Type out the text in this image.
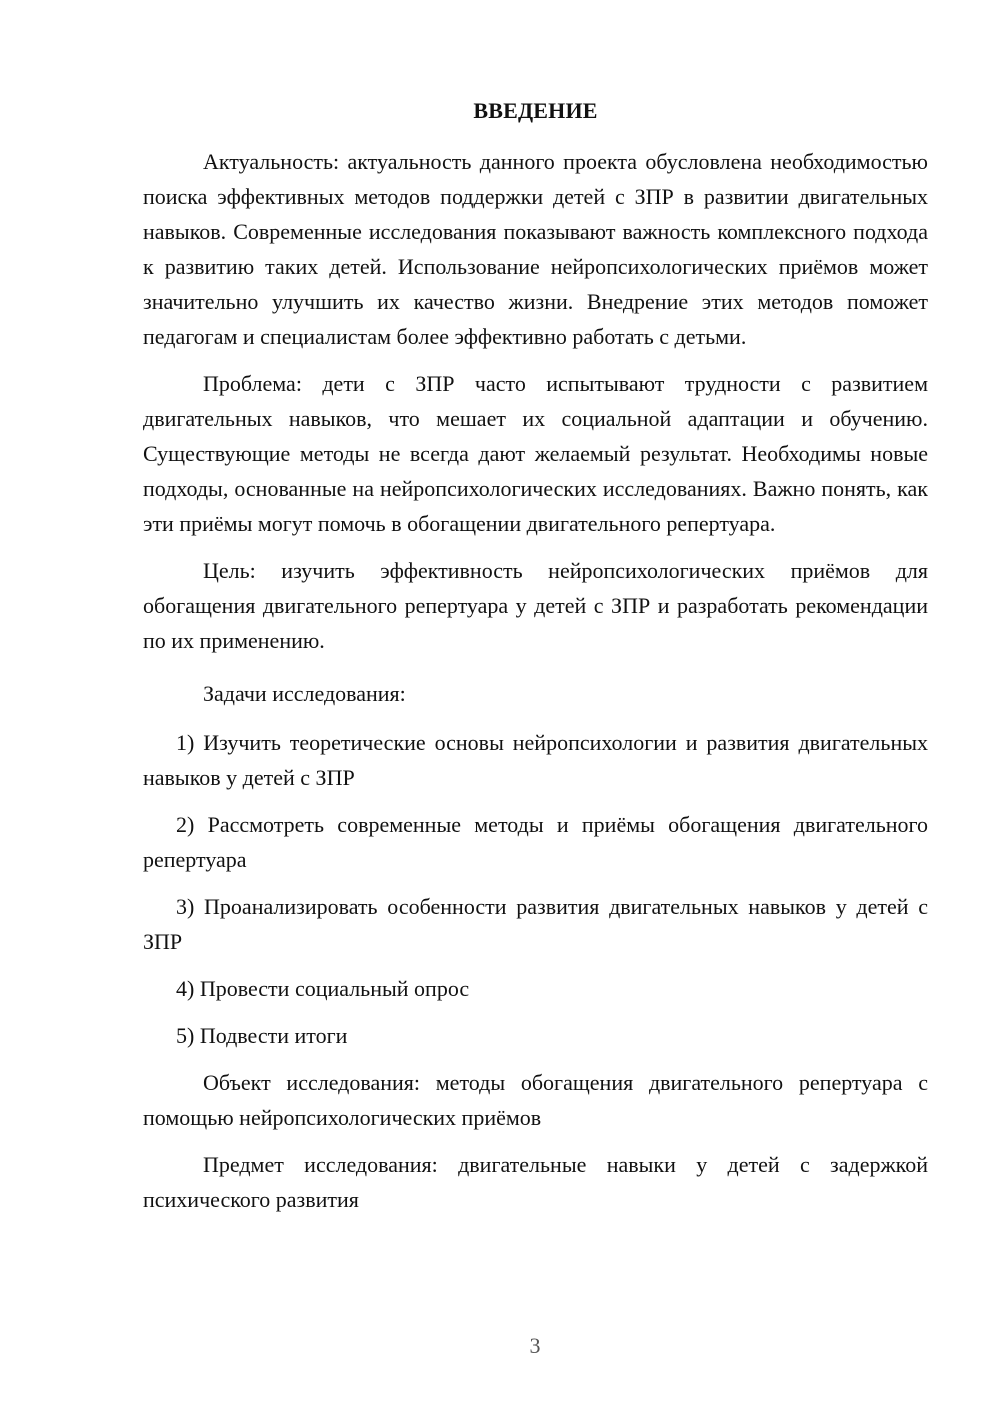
ВВЕДЕНИЕ

Актуальность: актуальность данного проекта обусловлена необходимостью поиска эффективных методов поддержки детей с ЗПР в развитии двигательных навыков. Современные исследования показывают важность комплексного подхода к развитию таких детей. Использование нейропсихологических приёмов может значительно улучшить их качество жизни. Внедрение этих методов поможет педагогам и специалистам более эффективно работать с детьми.

Проблема: дети с ЗПР часто испытывают трудности с развитием двигательных навыков, что мешает их социальной адаптации и обучению. Существующие методы не всегда дают желаемый результат. Необходимы новые подходы, основанные на нейропсихологических исследованиях. Важно понять, как эти приёмы могут помочь в обогащении двигательного репертуара.

Цель: изучить эффективность нейропсихологических приёмов для обогащения двигательного репертуара у детей с ЗПР и разработать рекомендации по их применению.

Задачи исследования:

1) Изучить теоретические основы нейропсихологии и развития двигательных навыков у детей с ЗПР

2) Рассмотреть современные методы и приёмы обогащения двигательного репертуара

3) Проанализировать особенности развития двигательных навыков у детей с ЗПР

4) Провести социальный опрос

5) Подвести итоги

Объект исследования: методы обогащения двигательного репертуара с помощью нейропсихологических приёмов

Предмет исследования: двигательные навыки у детей с задержкой психического развития

3
